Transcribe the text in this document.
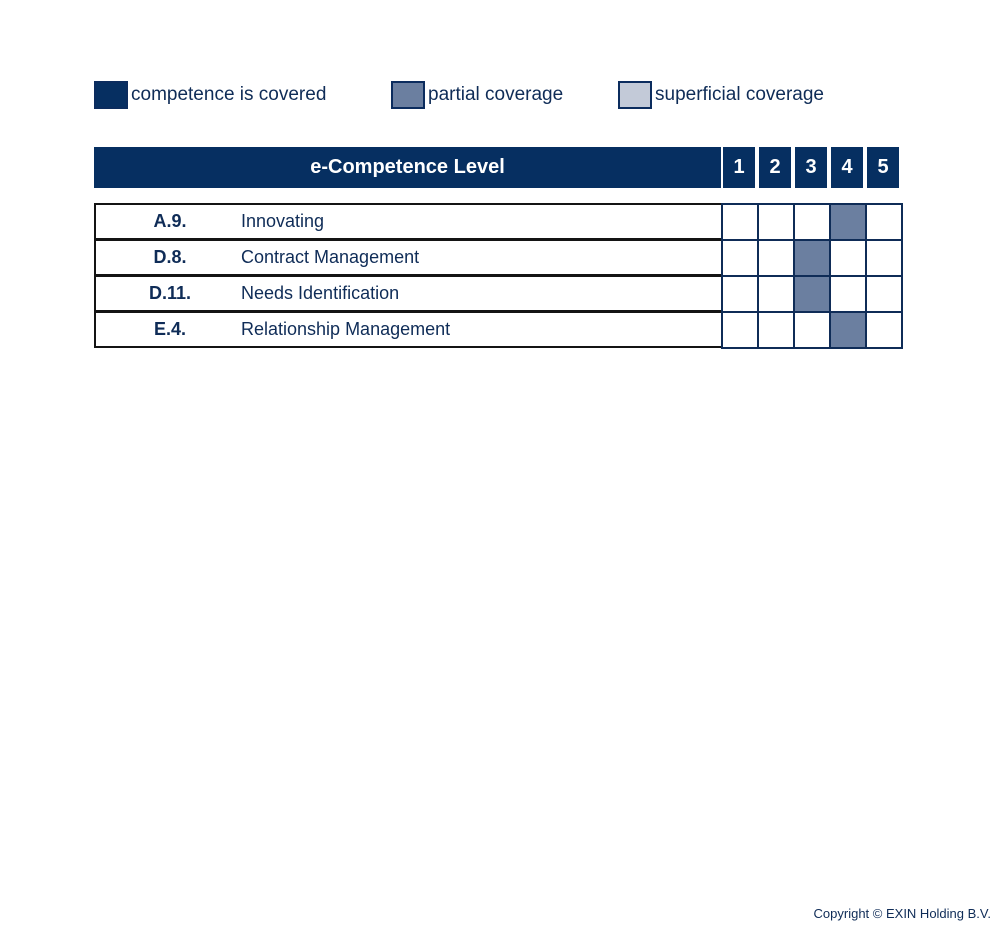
competence is covered	partial coverage	superficial coverage
e-Competence Level	1	2	3	4	5
A.9.	Innovating
D.8.	Contract Management
D.11.	Needs Identification
E.4.	Relationship Management
Copyright © EXIN Holding B.V.
